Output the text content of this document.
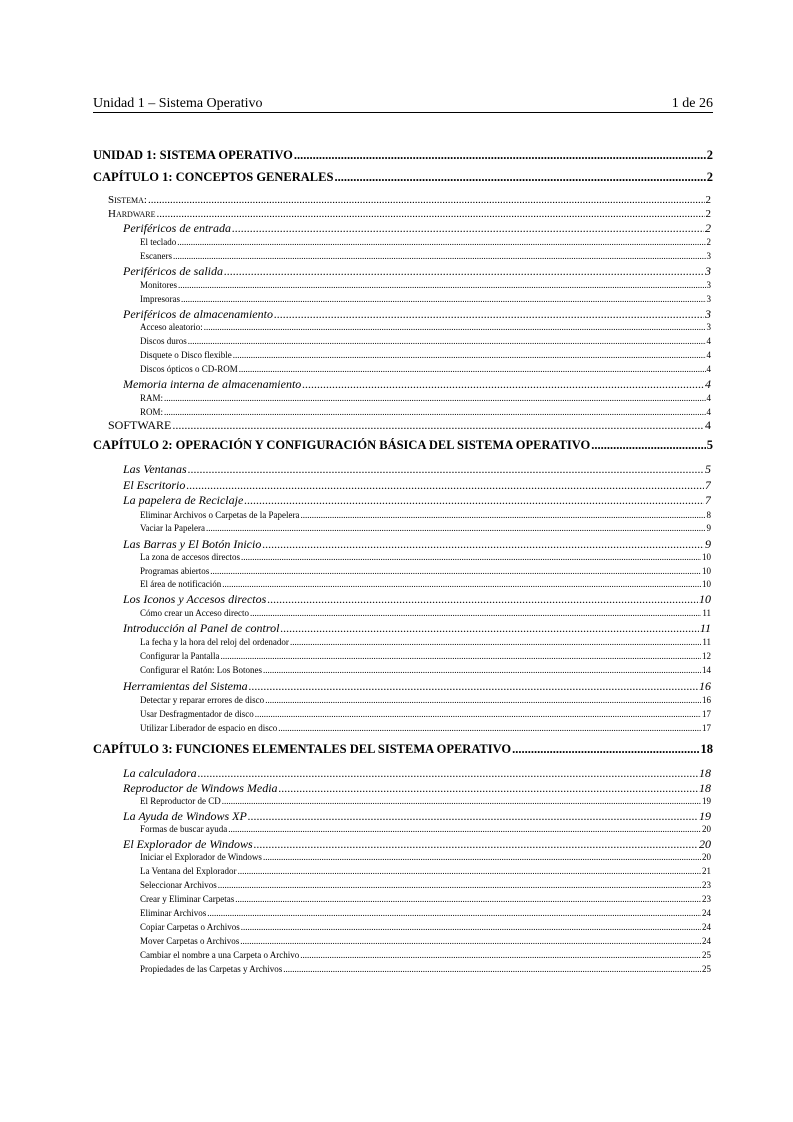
Unidad 1 – Sistema Operativo	1 de 26
UNIDAD 1: SISTEMA OPERATIVO .....	2
CAPÍTULO 1: CONCEPTOS GENERALES .....	2
Sistema: .....	2
Hardware .....	2
Periféricos de entrada .....	2
El teclado .....	2
Escaners .....	3
Periféricos de salida .....	3
Monitores .....	3
Impresoras .....	3
Periféricos de almacenamiento .....	3
Acceso aleatorio: .....	3
Discos duros .....	4
Disquete o Disco flexible .....	4
Discos ópticos o CD-ROM .....	4
Memoria interna de almacenamiento .....	4
RAM: .....	4
ROM: .....	4
SOFTWARE .....	4
CAPÍTULO 2: OPERACIÓN Y CONFIGURACIÓN BÁSICA DEL SISTEMA OPERATIVO .....	5
Las Ventanas .....	5
El Escritorio .....	7
La papelera de Reciclaje .....	7
Eliminar Archivos o Carpetas de la Papelera .....	8
Vaciar la Papelera .....	9
Las Barras y El Botón Inicio .....	9
La zona de accesos directos .....	10
Programas abiertos .....	10
El área de notificación .....	10
Los Iconos y Accesos directos .....	10
Cómo crear un Acceso directo .....	11
Introducción al Panel de control .....	11
La fecha y la hora del reloj del ordenador .....	11
Configurar la Pantalla .....	12
Configurar el Ratón: Los Botones .....	14
Herramientas del Sistema .....	16
Detectar y reparar errores de disco .....	16
Usar Desfragmentador de disco .....	17
Utilizar Liberador de espacio en disco .....	17
CAPÍTULO 3: FUNCIONES ELEMENTALES DEL SISTEMA OPERATIVO .....	18
La calculadora .....	18
Reproductor de Windows Media .....	18
El Reproductor de CD .....	19
La Ayuda de Windows XP .....	19
Formas de buscar ayuda .....	20
El Explorador de Windows .....	20
Iniciar el Explorador de Windows .....	20
La Ventana del Explorador .....	21
Seleccionar Archivos .....	23
Crear y Eliminar Carpetas .....	23
Eliminar Archivos .....	24
Copiar Carpetas o Archivos .....	24
Mover Carpetas o Archivos .....	24
Cambiar el nombre a una Carpeta o Archivo .....	25
Propiedades de las Carpetas y Archivos .....	25
